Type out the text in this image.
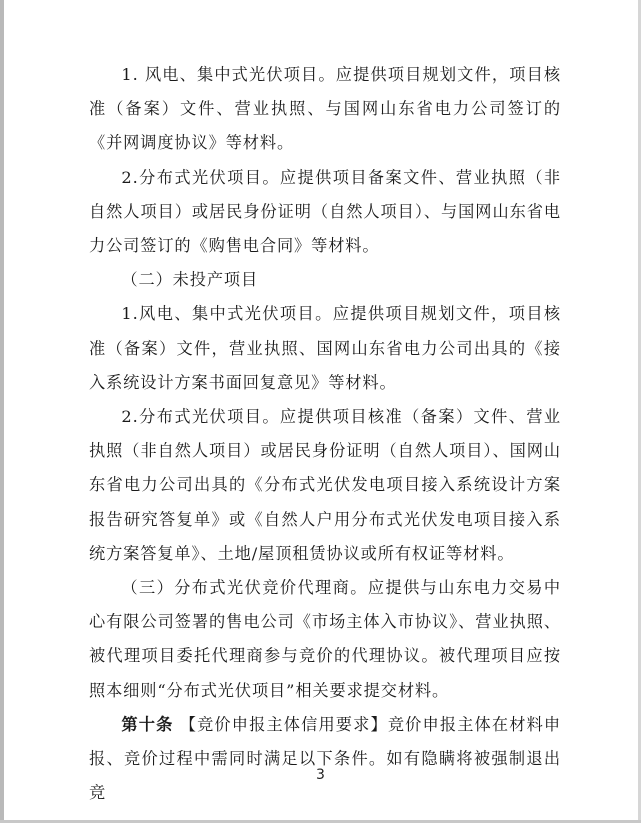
1. 风电、集中式光伏项目。应提供项目规划文件，项目核准（备案）文件、营业执照、与国网山东省电力公司签订的《并网调度协议》等材料。

2.分布式光伏项目。应提供项目备案文件、营业执照（非自然人项目）或居民身份证明（自然人项目）、与国网山东省电力公司签订的《购售电合同》等材料。

（二）未投产项目

1.风电、集中式光伏项目。应提供项目规划文件，项目核准（备案）文件，营业执照、国网山东省电力公司出具的《接入系统设计方案书面回复意见》等材料。

2.分布式光伏项目。应提供项目核准（备案）文件、营业执照（非自然人项目）或居民身份证明（自然人项目）、国网山东省电力公司出具的《分布式光伏发电项目接入系统设计方案报告研究答复单》或《自然人户用分布式光伏发电项目接入系统方案答复单》、土地/屋顶租赁协议或所有权证等材料。

（三）分布式光伏竞价代理商。应提供与山东电力交易中心有限公司签署的售电公司《市场主体入市协议》、营业执照、被代理项目委托代理商参与竞价的代理协议。被代理项目应按照本细则“分布式光伏项目”相关要求提交材料。

第十条 【竞价申报主体信用要求】竞价申报主体在材料申报、竞价过程中需同时满足以下条件。如有隐瞒将被强制退出竞

3
